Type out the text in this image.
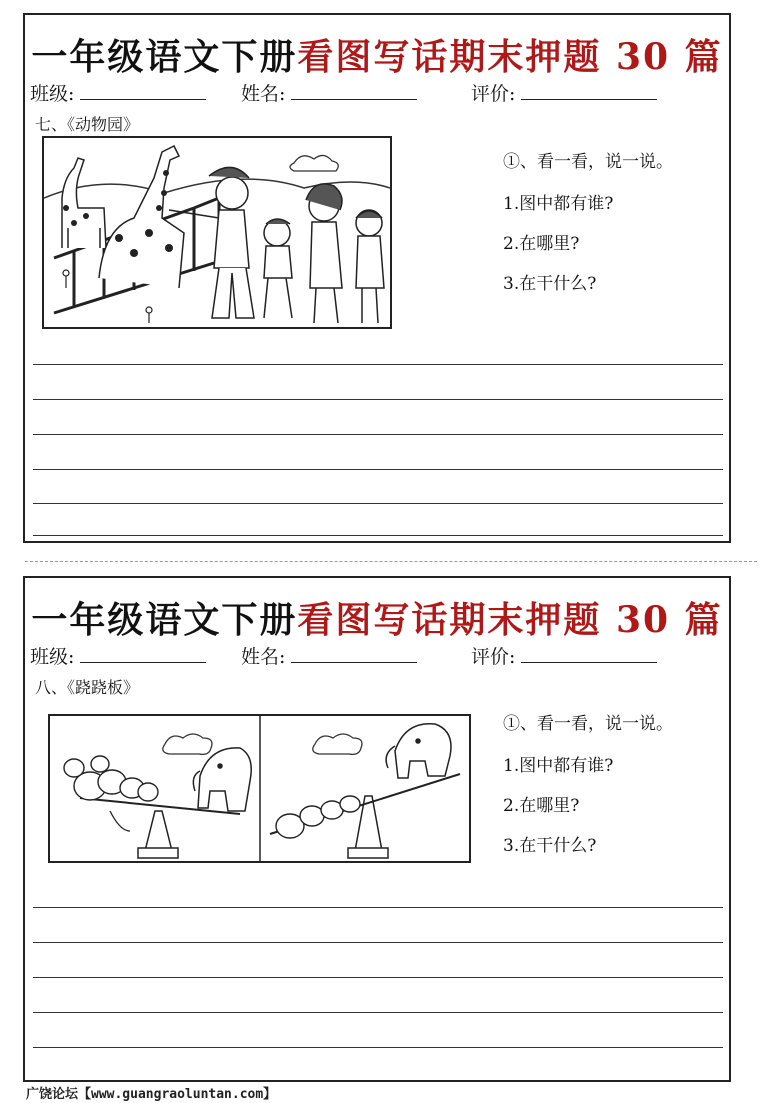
一年级语文下册看图写话期末押题 30 篇
班级:	姓名:	评价:
七、《动物园》
①、看一看，说一说。
1.图中都有谁?
2.在哪里?
3.在干什么?
一年级语文下册看图写话期末押题 30 篇
班级:	姓名:	评价:
八、《跷跷板》
①、看一看，说一说。
1.图中都有谁?
2.在哪里?
3.在干什么?
广饶论坛【www.guangraoluntan.com】
